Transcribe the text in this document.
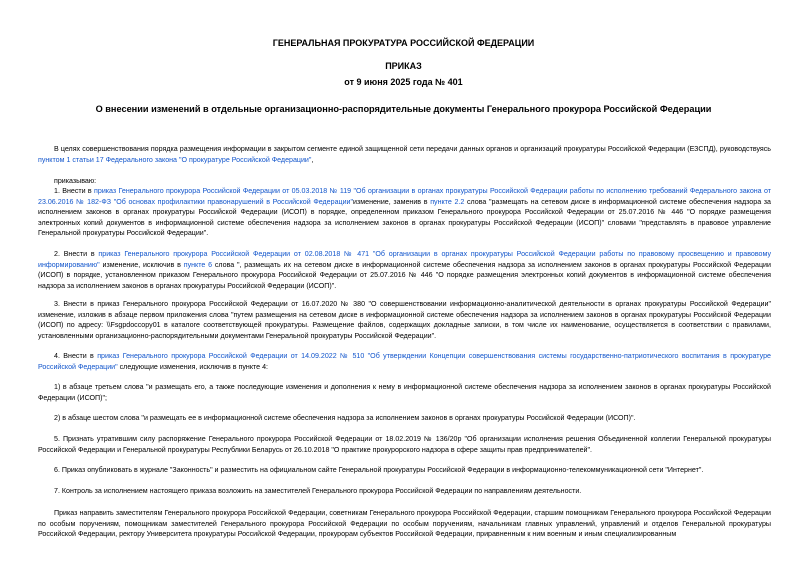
ГЕНЕРАЛЬНАЯ ПРОКУРАТУРА РОССИЙСКОЙ ФЕДЕРАЦИИ
ПРИКАЗ
от 9 июня 2025 года № 401
О внесении изменений в отдельные организационно-распорядительные документы Генерального прокурора Российской Федерации

В целях совершенствования порядка размещения информации в закрытом сегменте единой защищенной сети передачи данных органов и организаций прокуратуры Российской Федерации (ЕЗСПД), руководствуясь пунктом 1 статьи 17 Федерального закона "О прокуратуре Российской Федерации",

приказываю:

1. Внести в приказ Генерального прокурора Российской Федерации от 05.03.2018 № 119 "Об организации в органах прокуратуры Российской Федерации работы по исполнению требований Федерального закона от 23.06.2016 № 182-ФЗ "Об основах профилактики правонарушений в Российской Федерации"изменение, заменив в пункте 2.2 слова "размещать на сетевом диске в информационной системе обеспечения надзора за исполнением законов в органах прокуратуры Российской Федерации (ИСОП) в порядке, определенном приказом Генерального прокурора Российской Федерации от 25.07.2016 № 446 "О порядке размещения электронных копий документов в информационной системе обеспечения надзора за исполнением законов в органах прокуратуры Российской Федерации (ИСОП)" словами "представлять в правовое управление Генеральной прокуратуры Российской Федерации".

2. Внести в приказ Генерального прокурора Российской Федерации от 02.08.2018 № 471 "Об организации в органах прокуратуры Российской Федерации работы по правовому просвещению и правовому информированию" изменение, исключив в пункте 6 слова ", размещать их на сетевом диске в информационной системе обеспечения надзора за исполнением законов в органах прокуратуры Российской Федерации (ИСОП) в порядке, установленном приказом Генерального прокурора Российской Федерации от 25.07.2016 № 446 "О порядке размещения электронных копий документов в информационной системе обеспечения надзора за исполнением законов в органах прокуратуры Российской Федерации (ИСОП)".

3. Внести в приказ Генерального прокурора Российской Федерации от 16.07.2020 № 380 "О совершенствовании информационно-аналитической деятельности в органах прокуратуры Российской Федерации" изменение, изложив в абзаце первом приложения слова "путем размещения на сетевом диске в информационной системе обеспечения надзора за исполнением законов в органах прокуратуры Российской Федерации (ИСОП) по адресу: \\Fsgpdoccopy01 в каталоге соответствующей прокуратуры. Размещение файлов, содержащих докладные записки, в том числе их наименование, осуществляется в соответствии с правилами, установленными организационно-распорядительными документами Генеральной прокуратуры Российской Федерации".

4. Внести в приказ Генерального прокурора Российской Федерации от 14.09.2022 № 510 "Об утверждении Концепции совершенствования системы государственно-патриотического воспитания в прокуратуре Российской Федерации" следующие изменения, исключив в пункте 4:

1) в абзаце третьем слова "и размещать его, а также последующие изменения и дополнения к нему в информационной системе обеспечения надзора за исполнением законов в органах прокуратуры Российской Федерации (ИСОП)";

2) в абзаце шестом слова "и размещать ее в информационной системе обеспечения надзора за исполнением законов в органах прокуратуры Российской Федерации (ИСОП)".

5. Признать утратившим силу распоряжение Генерального прокурора Российской Федерации от 18.02.2019 № 136/20р "Об организации исполнения решения Объединенной коллегии Генеральной прокуратуры Российской Федерации и Генеральной прокуратуры Республики Беларусь от 26.10.2018 "О практике прокурорского надзора в сфере защиты прав предпринимателей".

6. Приказ опубликовать в журнале "Законность" и разместить на официальном сайте Генеральной прокуратуры Российской Федерации в информационно-телекоммуникационной сети "Интернет".

7. Контроль за исполнением настоящего приказа возложить на заместителей Генерального прокурора Российской Федерации по направлениям деятельности.

Приказ направить заместителям Генерального прокурора Российской Федерации, советникам Генерального прокурора Российской Федерации, старшим помощникам Генерального прокурора Российской Федерации по особым поручениям, помощникам заместителей Генерального прокурора Российской Федерации по особым поручениям, начальникам главных управлений, управлений и отделов Генеральной прокуратуры Российской Федерации, ректору Университета прокуратуры Российской Федерации, прокурорам субъектов Российской Федерации, приравненным к ним военным и иным специализированным
